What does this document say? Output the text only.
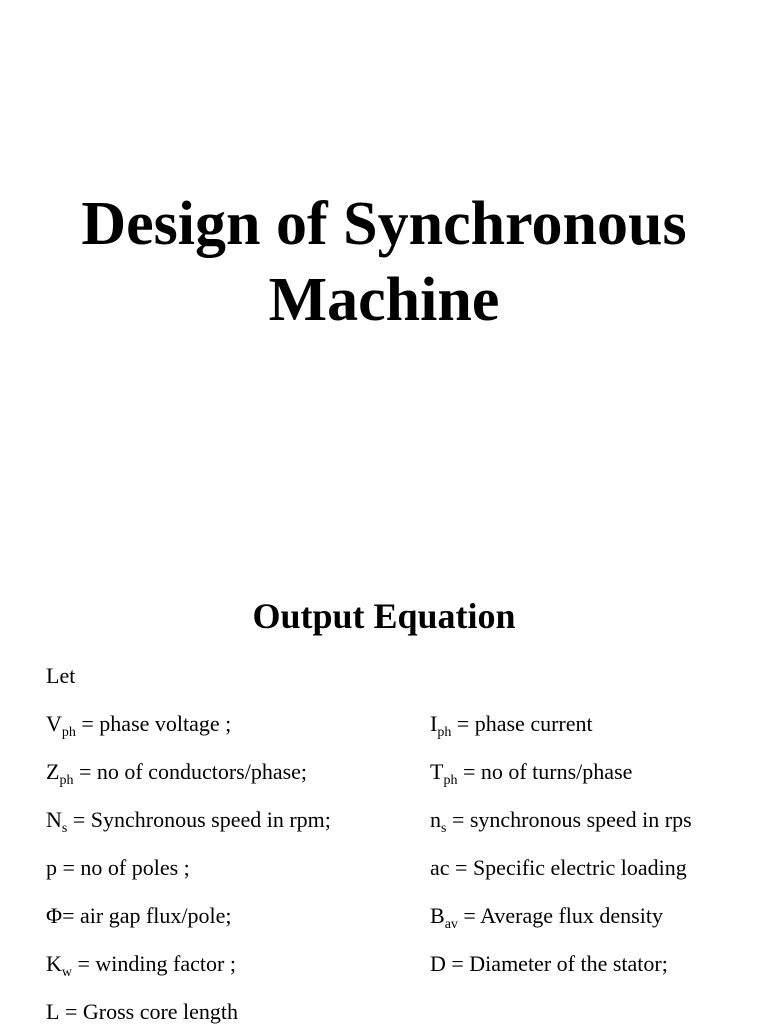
Design of Synchronous
Machine
Output Equation
Let
$V_{ph}$ = phase voltage ;
$Z_{ph}$ = no of conductors/phase;
$N_s$ = Synchronous speed in rpm;
p = no of poles ;
Φ= air gap flux/pole;
$K_w$ = winding factor ;
L = Gross core length
$I_{ph}$ = phase current
$T_{ph}$ = no of turns/phase
$n_s$ = synchronous speed in rps
ac = Specific electric loading
$B_{av}$ = Average flux density
D = Diameter of the stator;
